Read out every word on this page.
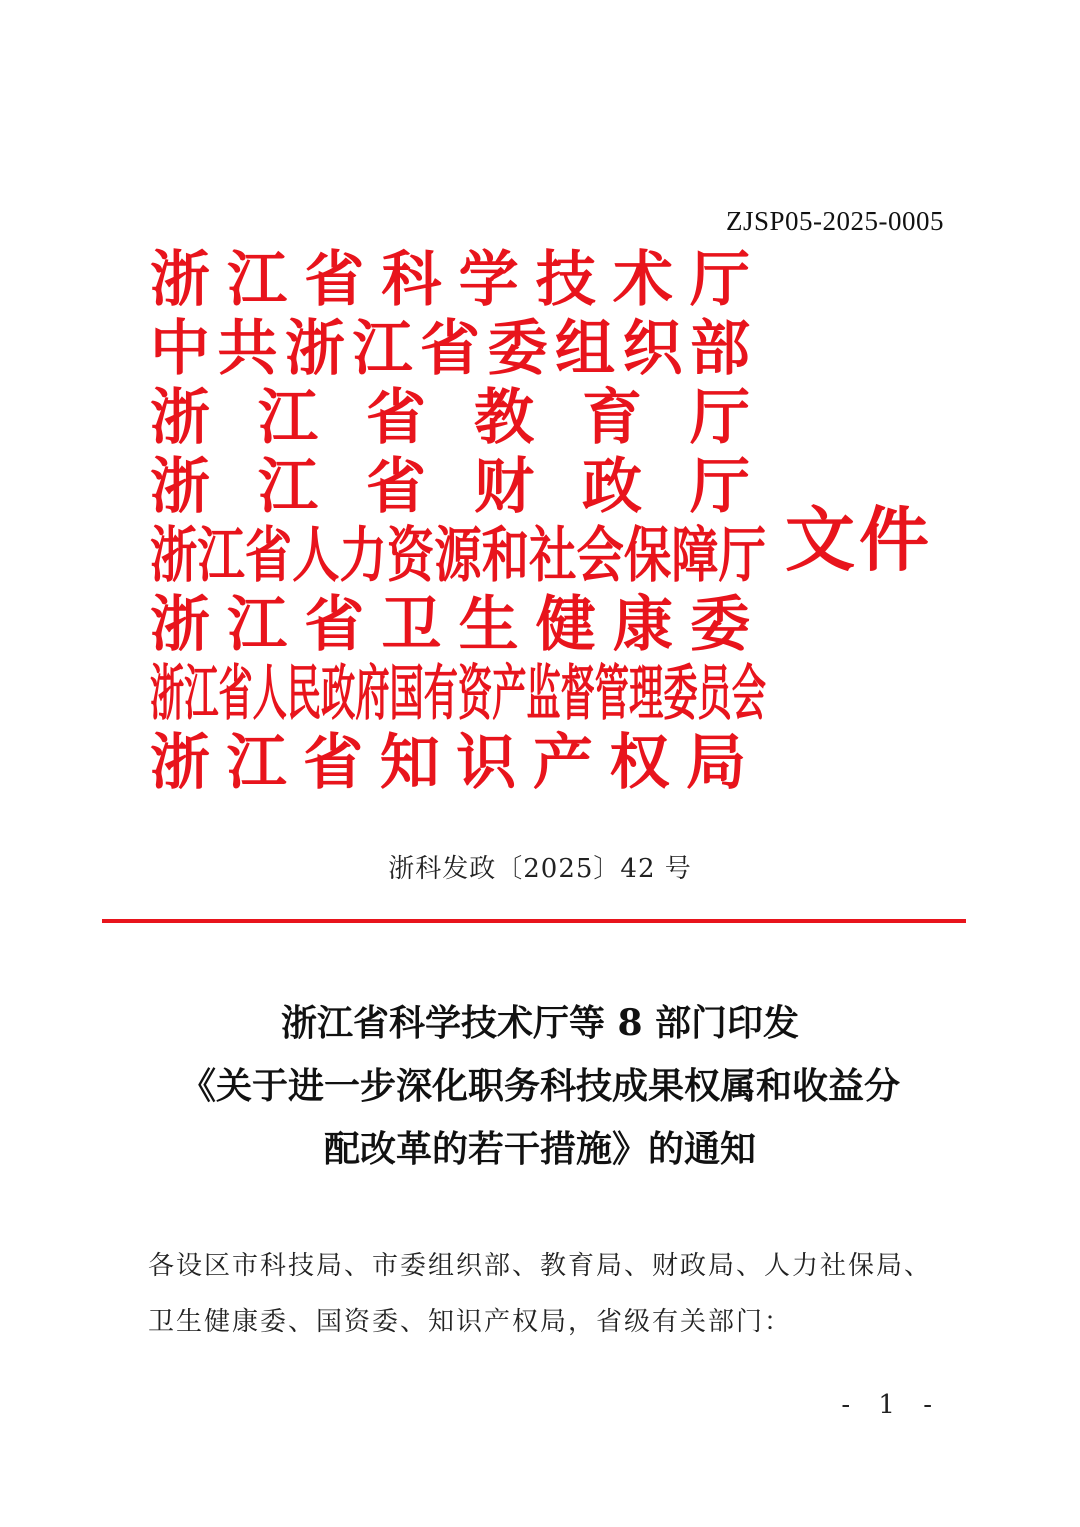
ZJSP05-2025-0005
浙江省科学技术厅
中共浙江省委组织部
浙江省教育厅
浙江省财政厅
浙江省人力资源和社会保障厅
浙江省卫生健康委
浙江省人民政府国有资产监督管理委员会
浙江省知识产权局
文件
浙科发政〔2025〕42 号
浙江省科学技术厅等 8 部门印发
《关于进一步深化职务科技成果权属和收益分
配改革的若干措施》的通知
各设区市科技局、市委组织部、教育局、财政局、人力社保局、
卫生健康委、国资委、知识产权局，省级有关部门：
- 1 -
